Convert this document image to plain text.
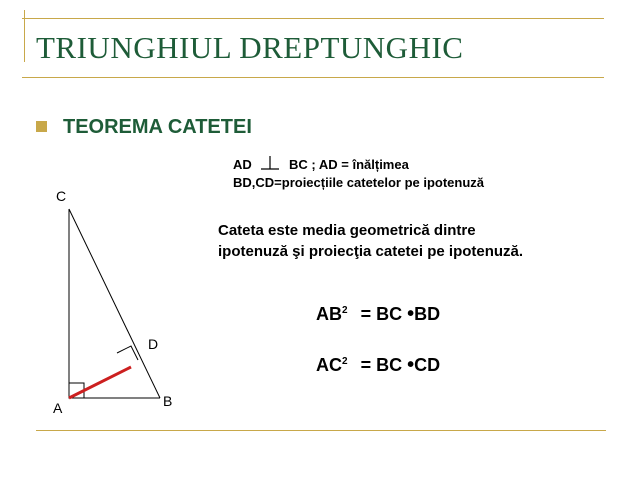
TRIUNGHIUL DREPTUNGHIC
TEOREMA CATETEI
AD	BC ; AD = înălțimea
BD,CD=proiecțiile catetelor pe ipotenuză
Cateta este media geometrică dintre
ipotenuză şi proiecţia catetei pe ipotenuză.
$AB^2$ = BC •BD
$AC^2$ = BC •CD
C
D
A	B
